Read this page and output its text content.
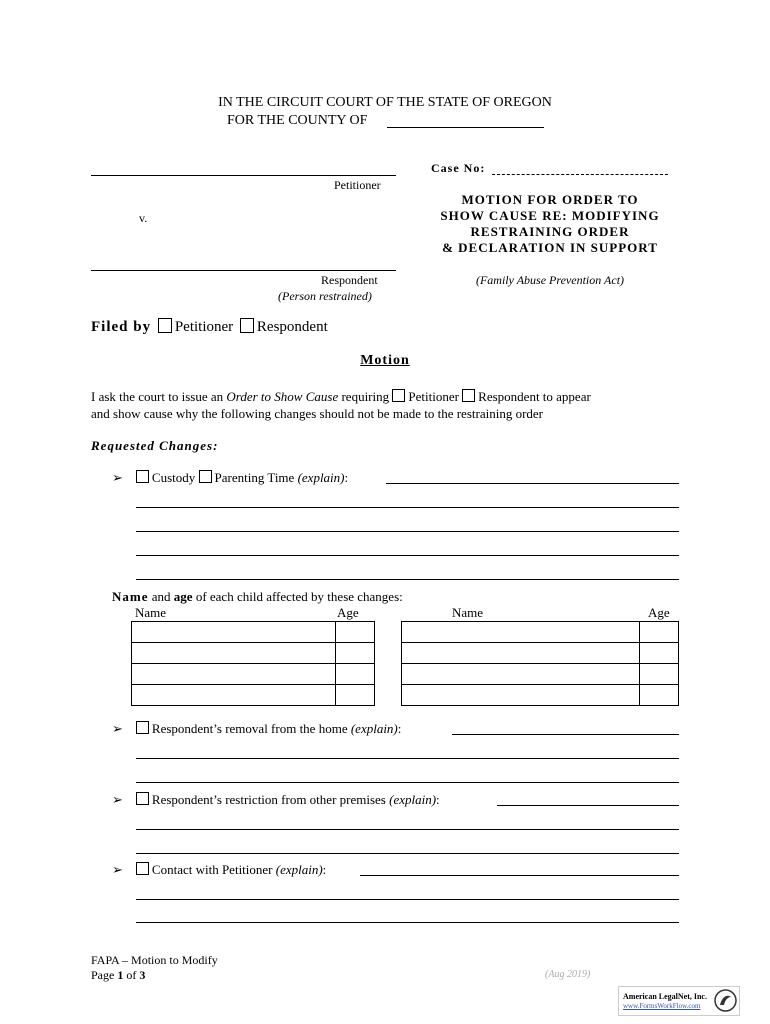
IN THE CIRCUIT COURT OF THE STATE OF OREGON
FOR THE COUNTY OF
Petitioner
v.
Respondent
(Person restrained)
Case No:
MOTION FOR ORDER TO
SHOW CAUSE RE: MODIFYING
RESTRAINING ORDER
& DECLARATION IN SUPPORT
(Family Abuse Prevention Act)
Filed by Petitioner Respondent
Motion
I ask the court to issue an Order to Show Cause requiring Petitioner Respondent to appear
and show cause why the following changes should not be made to the restraining order
Requested Changes:
➢ Custody Parenting Time (explain):
Name and age of each child affected by these changes:
Name	Age	Name	Age

➢ Respondent’s removal from the home (explain):
➢ Respondent’s restriction from other premises (explain):
➢ Contact with Petitioner (explain):
FAPA – Motion to Modify
Page 1 of 3	(Aug 2019)
American LegalNet, Inc.
www.FormsWorkFlow.com
